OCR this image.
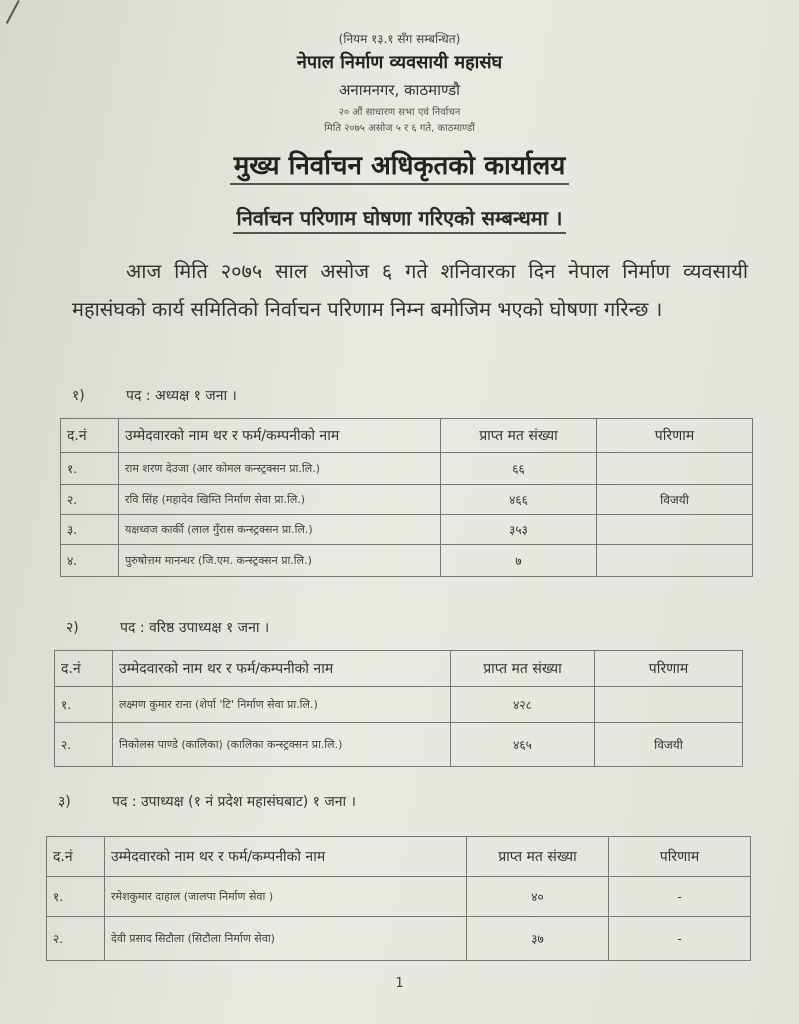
(नियम १३.१ सँग सम्बन्धित)
नेपाल निर्माण व्यवसायी महासंघ
अनामनगर, काठमाण्डौ
२० औं साधारण सभा एवं निर्वाचन
मिति २०७५ असोज ५ र ६ गते, काठमाण्डौं
मुख्य निर्वाचन अधिकृतको कार्यालय
निर्वाचन परिणाम घोषणा गरिएको सम्बन्धमा ।
आज मिति २०७५ साल असोज ६ गते शनिवारका दिन नेपाल निर्माण व्यवसायी महासंघको कार्य समितिको निर्वाचन परिणाम निम्न बमोजिम भएको घोषणा गरिन्छ ।
१)	पद : अध्यक्ष १ जना ।
द.नं	उम्मेदवारको नाम थर र फर्म/कम्पनीको नाम	प्राप्त मत संख्या	परिणाम
१.	राम शरण देउजा (आर कोमल कन्स्ट्रक्सन प्रा.लि.)	६६	
२.	रवि सिंह (महादेव खिम्ति निर्माण सेवा प्रा.लि.)	४६६	विजयी
३.	यक्षध्वज कार्की (लाल गुँरास कन्स्ट्रक्सन प्रा.लि.)	३५३	
४.	पुरुषोत्तम मानन्धर (जि.एम. कन्स्ट्रक्सन प्रा.लि.)	७	
२)	पद : वरिष्ठ उपाध्यक्ष १ जना ।
द.नं	उम्मेदवारको नाम थर र फर्म/कम्पनीको नाम	प्राप्त मत संख्या	परिणाम
१.	लक्ष्मण कुमार राना (शेर्पा 'टि' निर्माण सेवा प्रा.लि.)	४२८	
२.	निकोलस पाण्डे (कालिका) (कालिका कन्स्ट्रक्सन प्रा.लि.)	४६५	विजयी
३)	पद : उपाध्यक्ष (१ नं प्रदेश महासंघबाट) १ जना ।
द.नं	उम्मेदवारको नाम थर र फर्म/कम्पनीको नाम	प्राप्त मत संख्या	परिणाम
१.	रमेशकुमार दाहाल (जालपा निर्माण सेवा )	४०	-
२.	देवी प्रसाद सिटौला (सिटौला निर्माण सेवा)	३७	-
1
